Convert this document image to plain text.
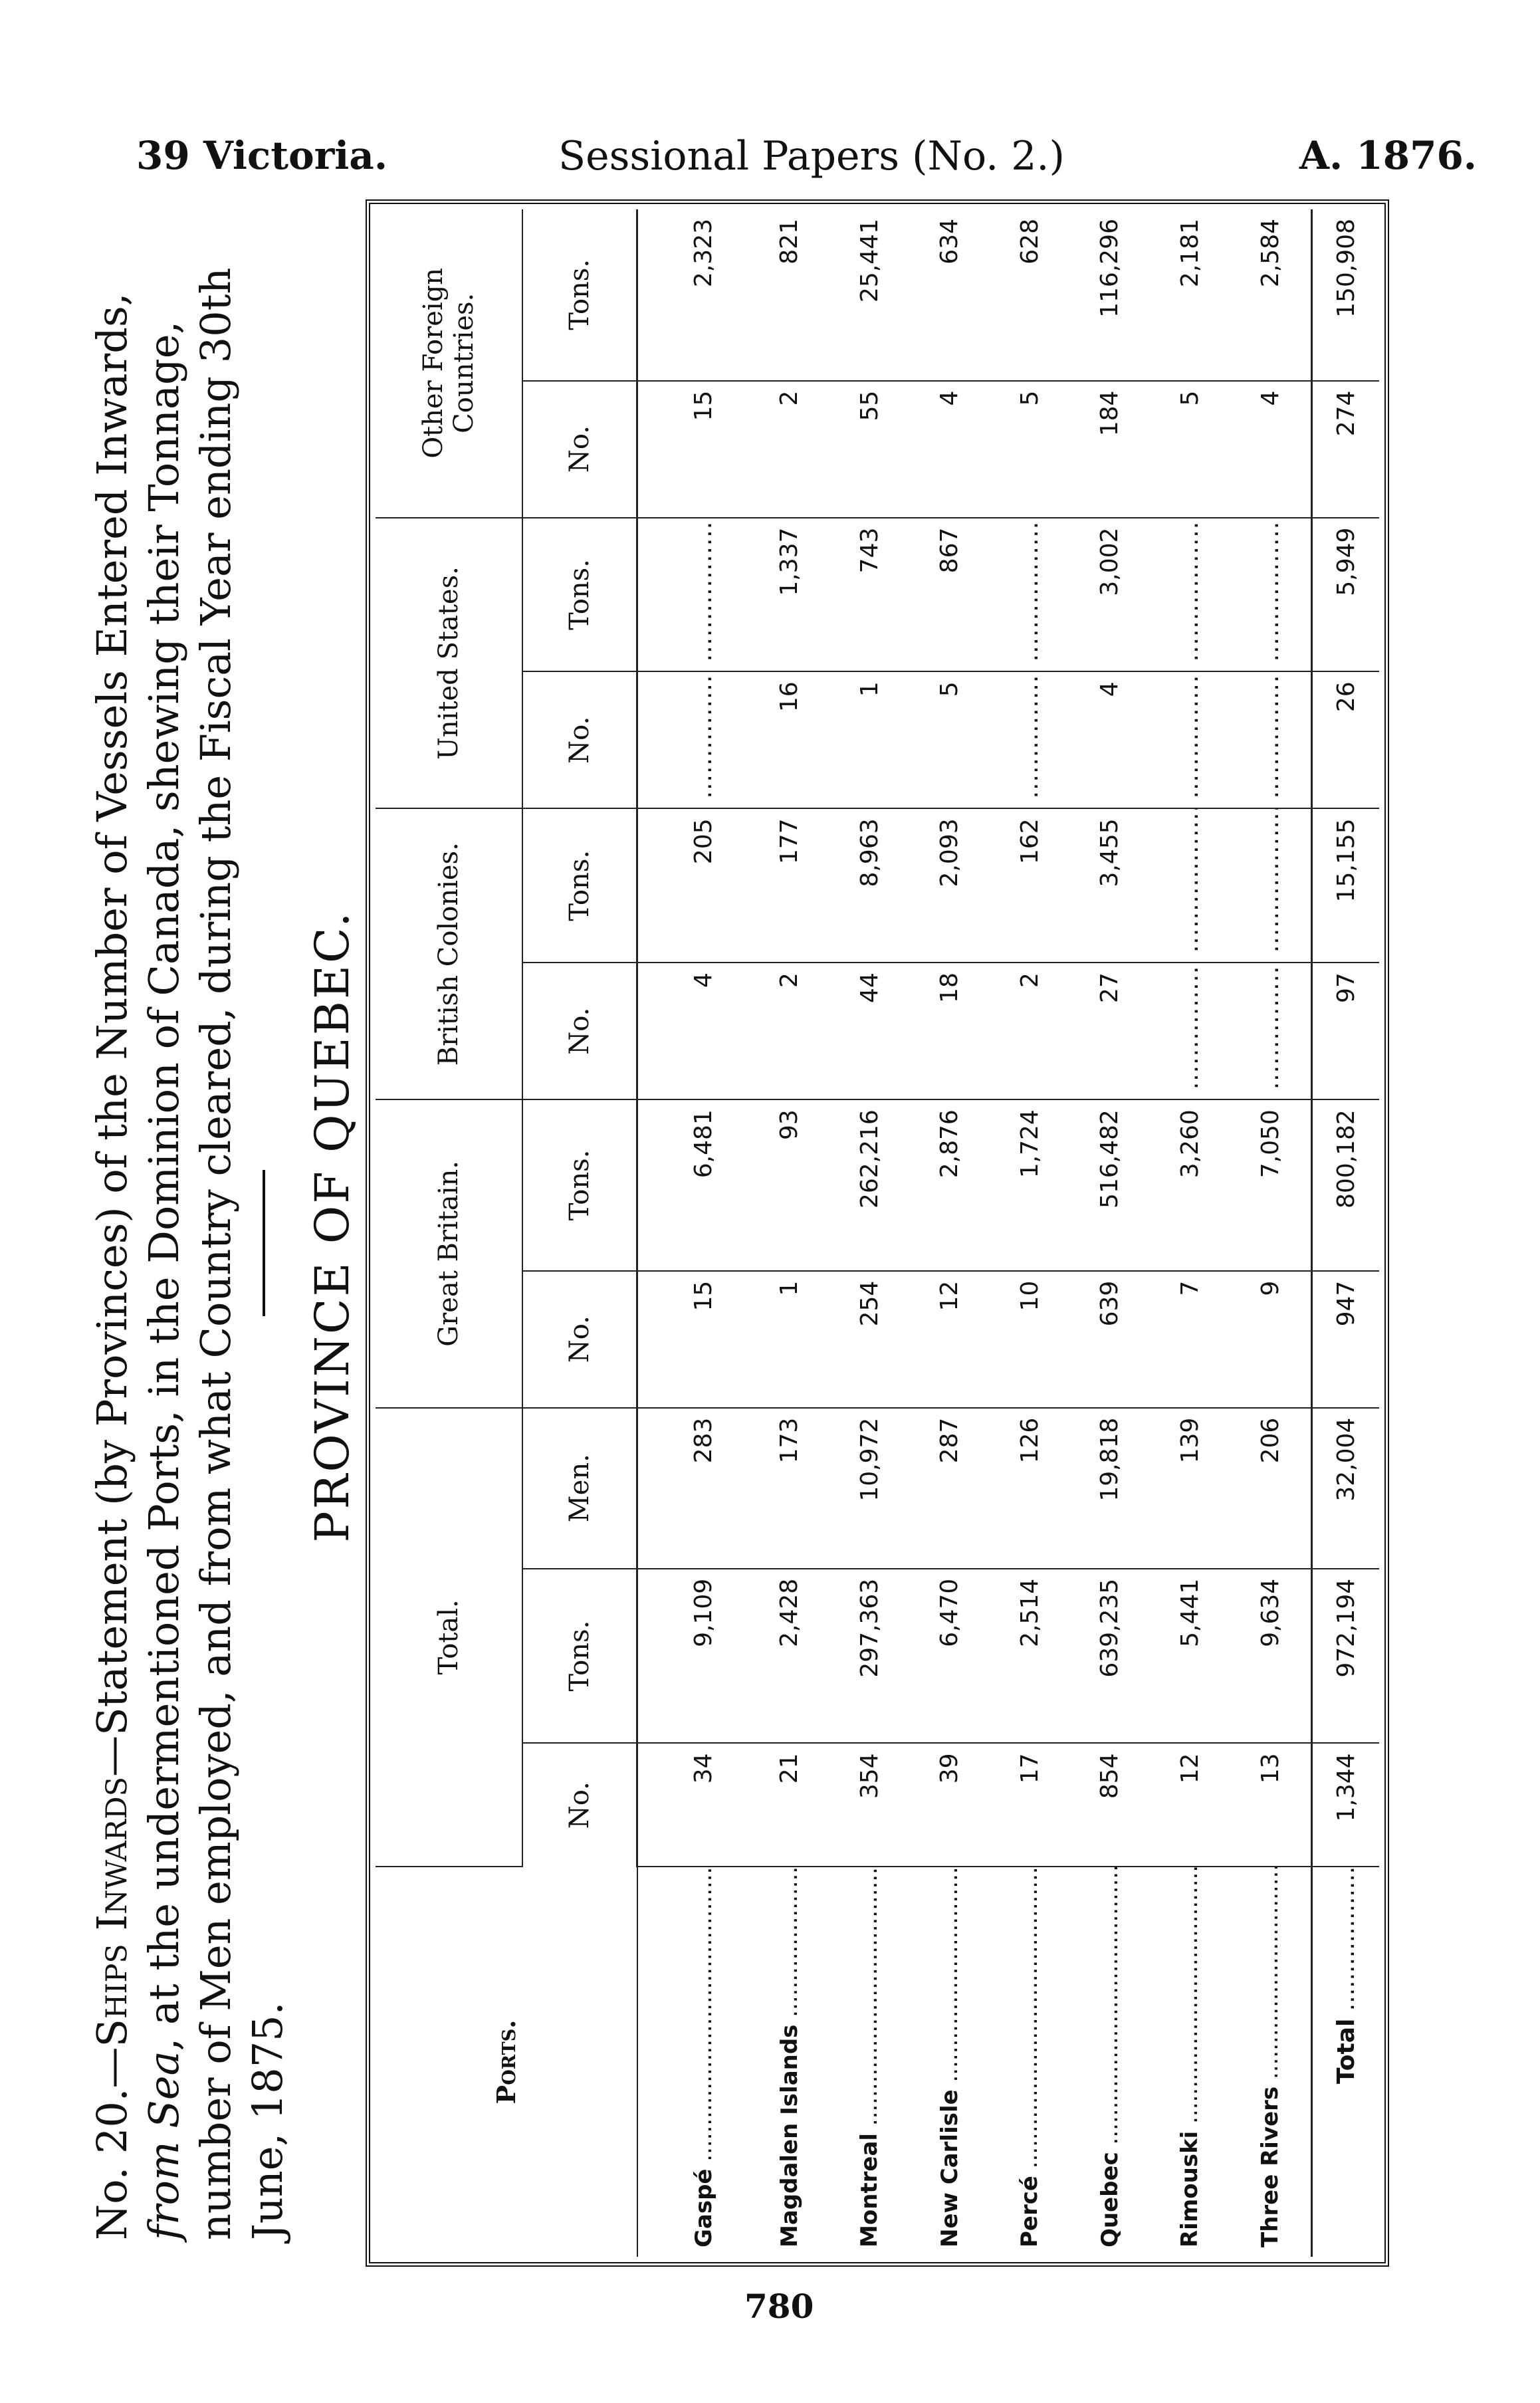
39 Victoria.	Sessional Papers (No. 2.)	A. 1876.
No. 20.—Ships Inwards—Statement (by Provinces) of the Number of Vessels Entered Inwards, from Sea, at the undermentioned Ports, in the Dominion of Canada, shewing their Tonnage, number of Men employed, and from what Country cleared, during the Fiscal Year ending 30th June, 1875.
PROVINCE OF QUEBEC.
Ports.	Total.			Great Britain.		British Colonies.		United States.		Other Foreign Countries.	
	No.	Tons.	Men.	No.	Tons.	No.	Tons.	No.	Tons.	No.	Tons.
Gaspé .....	34	9,109	283	15	6,481	4	205	.....	.....	15	2,323
Magdalen Islands .....	21	2,428	173	1	93	2	177	16	1,337	2	821
Montreal .....	354	297,363	10,972	254	262,216	44	8,963	1	743	55	25,441
New Carlisle .....	39	6,470	287	12	2,876	18	2,093	5	867	4	634
Percé .....	17	2,514	126	10	1,724	2	162	.....	.....	5	628
Quebec .....	854	639,235	19,818	639	516,482	27	3,455	4	3,002	184	116,296
Rimouski .....	12	5,441	139	7	3,260	.....	.....	.....	.....	5	2,181
Three Rivers .....	13	9,634	206	9	7,050	.....	.....	.....	.....	4	2,584
Total .....	1,344	972,194	32,004	947	800,182	97	15,155	26	5,949	274	150,908
780
